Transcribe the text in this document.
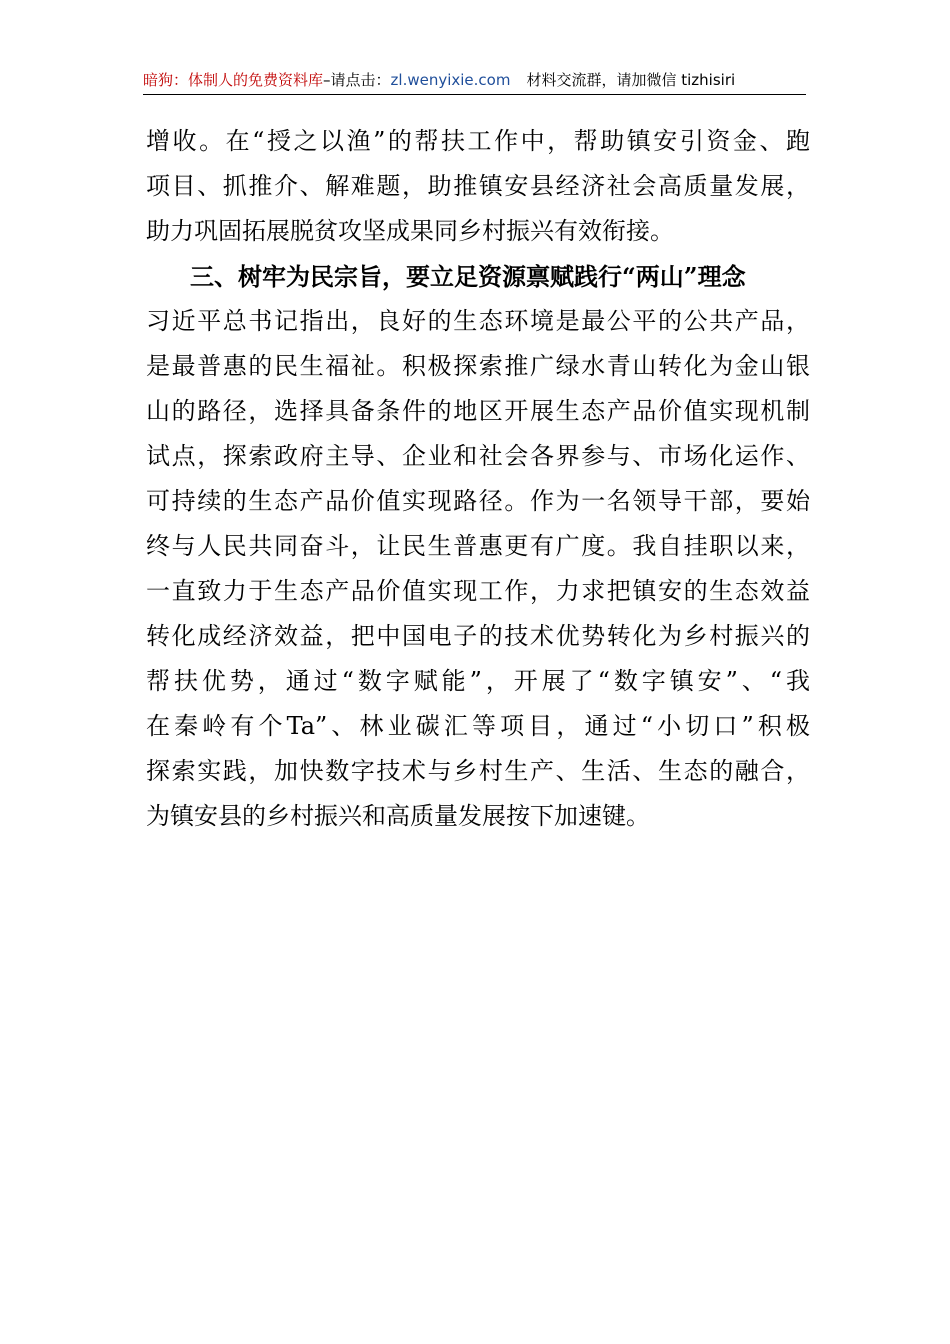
暗狗：体制人的免费资料库–请点击：zl.wenyixie.com 材料交流群，请加微信 tizhisiri
增收。在“授之以渔”的帮扶工作中，帮助镇安引资金、跑
项目、抓推介、解难题，助推镇安县经济社会高质量发展，
助力巩固拓展脱贫攻坚成果同乡村振兴有效衔接。
三、树牢为民宗旨，要立足资源禀赋践行“两山”理念
习近平总书记指出，良好的生态环境是最公平的公共产品，
是最普惠的民生福祉。积极探索推广绿水青山转化为金山银
山的路径，选择具备条件的地区开展生态产品价值实现机制
试点，探索政府主导、企业和社会各界参与、市场化运作、
可持续的生态产品价值实现路径。作为一名领导干部，要始
终与人民共同奋斗，让民生普惠更有广度。我自挂职以来，
一直致力于生态产品价值实现工作，力求把镇安的生态效益
转化成经济效益，把中国电子的技术优势转化为乡村振兴的
帮扶优势，通过“数字赋能”，开展了“数字镇安”、“我
在秦岭有个Ta”、林业碳汇等项目，通过“小切口”积极
探索实践，加快数字技术与乡村生产、生活、生态的融合，
为镇安县的乡村振兴和高质量发展按下加速键。
